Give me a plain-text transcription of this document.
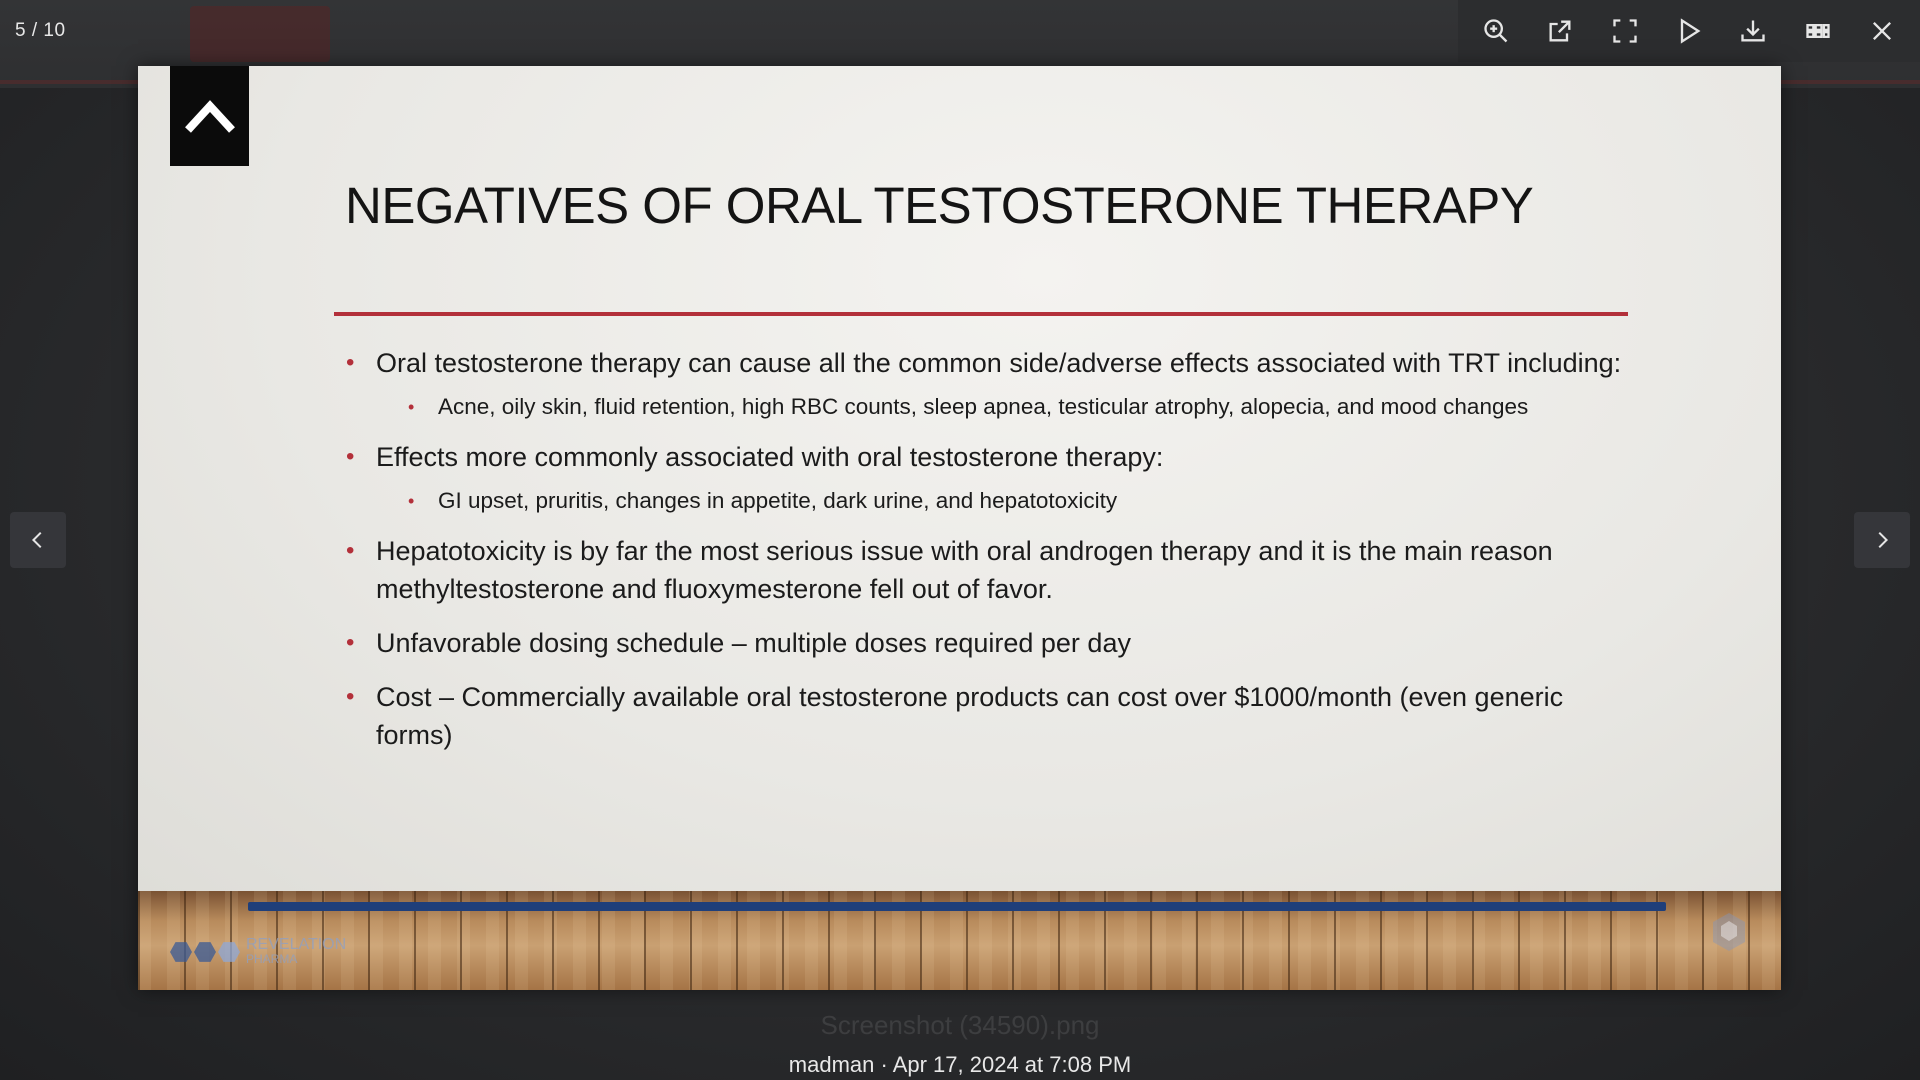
5 / 10
NEGATIVES OF ORAL TESTOSTERONE THERAPY
• Oral testosterone therapy can cause all the common side/adverse effects associated with TRT including:
• Acne, oily skin, fluid retention, high RBC counts, sleep apnea, testicular atrophy, alopecia, and mood changes
• Effects more commonly associated with oral testosterone therapy:
• GI upset, pruritis, changes in appetite, dark urine, and hepatotoxicity
• Hepatotoxicity is by far the most serious issue with oral androgen therapy and it is the main reason methyltestosterone and fluoxymesterone fell out of favor.
• Unfavorable dosing schedule – multiple doses required per day
• Cost – Commercially available oral testosterone products can cost over $1000/month (even generic forms)
REVELATION
PHARMA
Screenshot (34590).png
madman · Apr 17, 2024 at 7:08 PM
